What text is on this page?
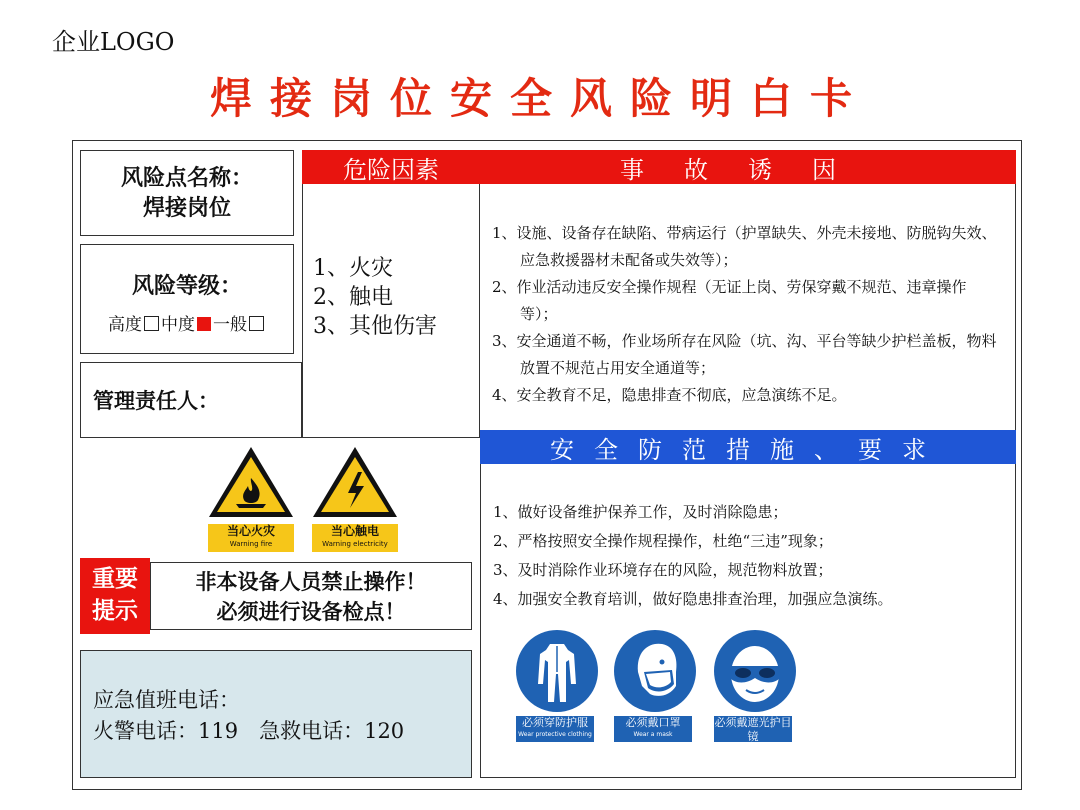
企业LOGO
焊接岗位安全风险明白卡
风险点名称：
焊接岗位
风险等级：
高度 中度 一般
管理责任人：
危险因素	事故诱因
1、火灾
2、触电
3、其他伤害
1、设施、设备存在缺陷、带病运行（护罩缺失、外壳未接地、防脱钩失效、应急救援器材未配备或失效等）；
2、作业活动违反安全操作规程（无证上岗、劳保穿戴不规范、违章操作等）；
3、安全通道不畅，作业场所存在风险（坑、沟、平台等缺少护栏盖板，物料放置不规范占用安全通道等；
4、安全教育不足，隐患排查不彻底，应急演练不足。
安全防范措施、要求
1、做好设备维护保养工作，及时消除隐患；
2、严格按照安全操作规程操作，杜绝“三违”现象；
3、及时消除作业环境存在的风险，规范物料放置；
4、加强安全教育培训，做好隐患排查治理，加强应急演练。
当心火灾
Warning fire
当心触电
Warning electricity
重要
提示
非本设备人员禁止操作！
必须进行设备检点！
应急值班电话：
火警电话：119　急救电话：120	必须穿防护服
Wear protective clothing
必须戴口罩
Wear a mask
必须戴遮光护目镜
Wear opaque eye protection
